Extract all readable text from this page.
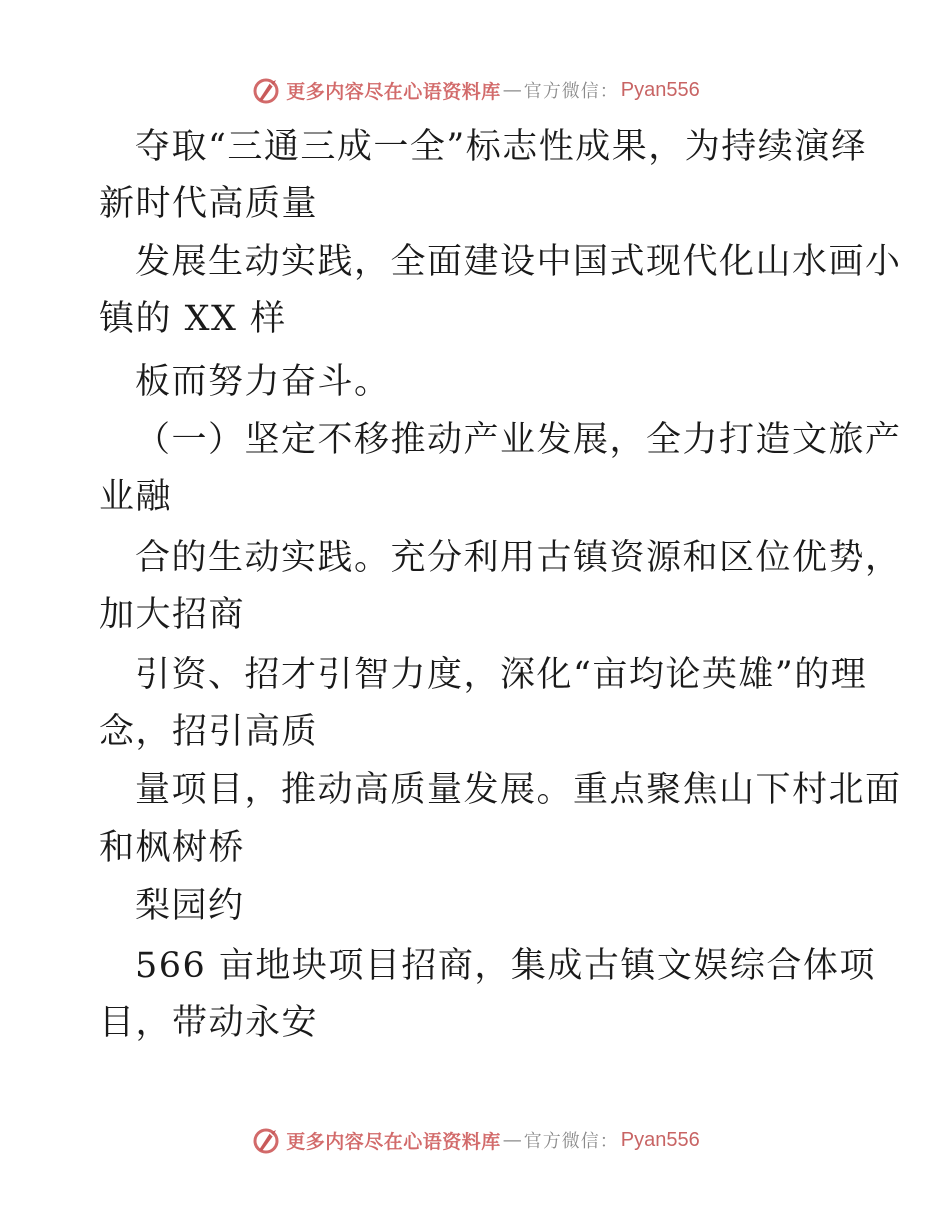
更多内容尽在心语资料库 — 官方微信： Pyan556
夺取“三通三成一全”标志性成果，为持续演绎
新时代高质量
发展生动实践，全面建设中国式现代化山水画小
镇的 XX 样
板而努力奋斗。
（一）坚定不移推动产业发展，全力打造文旅产
业融
合的生动实践。充分利用古镇资源和区位优势，
加大招商
引资、招才引智力度，深化“亩均论英雄”的理
念，招引高质
量项目，推动高质量发展。重点聚焦山下村北面
和枫树桥
梨园约
566 亩地块项目招商，集成古镇文娱综合体项
目，带动永安
更多内容尽在心语资料库 — 官方微信： Pyan556
